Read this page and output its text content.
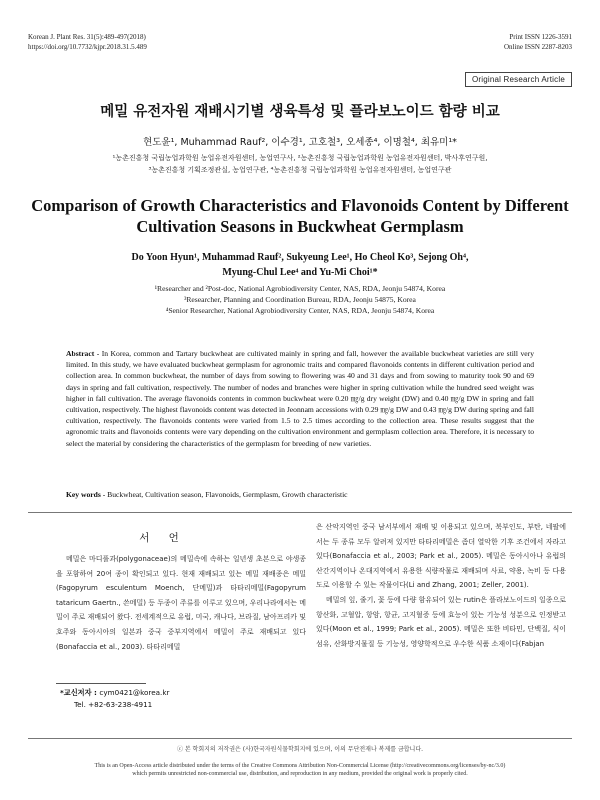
Korean J. Plant Res. 31(5):489-497(2018)
https://doi.org/10.7732/kjpr.2018.31.5.489
Print ISSN 1226-3591
Online ISSN 2287-8203
Original Research Article
메밀 유전자원 재배시기별 생육특성 및 플라보노이드 함량 비교
현도윤¹, Muhammad Rauf², 이수경¹, 고호철³, 오세종⁴, 이명철⁴, 최유미¹*
¹농촌진흥청 국립농업과학원 농업유전자원센터, 농업연구사, ²농촌진흥청 국립농업과학원 농업유전자원센터, 박사후연구원,
³농촌진흥청 기획조정관실, 농업연구관, ⁴농촌진흥청 국립농업과학원 농업유전자원센터, 농업연구관
Comparison of Growth Characteristics and Flavonoids Content by Different Cultivation Seasons in Buckwheat Germplasm
Do Yoon Hyun¹, Muhammad Rauf², Sukyeung Lee¹, Ho Cheol Ko³, Sejong Oh⁴,
Myung-Chul Lee⁴ and Yu-Mi Choi¹*
¹Researcher and ²Post-doc, National Agrobiodiversity Center, NAS, RDA, Jeonju 54874, Korea
³Researcher, Planning and Coordination Bureau, RDA, Jeonju 54875, Korea
⁴Senior Researcher, National Agrobiodiversity Center, NAS, RDA, Jeonju 54874, Korea
Abstract - In Korea, common and Tartary buckwheat are cultivated mainly in spring and fall, however the available buckwheat varieties are still very limited. In this study, we have evaluated buckwheat germplasm for agronomic traits and compared flavonoids contents in different cultivation period and collection area. In common buckwheat, the number of days from sowing to flowering was 40 and 31 days and from sowing to maturity took 90 and 69 days in spring and fall cultivation, respectively. The number of nodes and branches were higher in spring cultivation while the hundred seed weight was higher in fall cultivation. The average flavonoids contents in common buckwheat were 0.20 ㎎/g dry weight (DW) and 0.40 ㎎/g DW in spring and fall cultivation, respectively. The highest flavonoids content was detected in Jeonnam accessions with 0.29 ㎎/g DW and 0.43 ㎎/g DW during spring and fall cultivation, respectively. The flavonoids contents were varied from 1.5 to 2.5 times according to the collection area. These results suggest that the agronomic traits and flavonoids contents were vary depending on the cultivation environment and germplasm collection area. Therefore, it is necessary to select the material by considering the characteristics of the germplasm for breeding of new varieties.
Key words - Buckwheat, Cultivation season, Flavonoids, Germplasm, Growth characteristic
서 언

메밀은 마디풀과(polygonaceae)의 메밀속에 속하는 일년생 초본으로 야생종을 포함하여 20여 종이 확인되고 있다. 현재 재배되고 있는 메밀 재배종은 메밀(Fagopyrum esculentum Moench, 단메밀)과 타타리메밀(Fagopyrum tataricum Gaertn., 쓴메밀) 등 두종이 주류를 이루고 있으며, 우리나라에서는 메밀이 주로 재배되어 왔다. 전세계적으로 유럽, 미국, 캐나다, 브라질, 남아프리카 및 호주와 동아시아의 일본과 중국 중부지역에서 메밀이 주로 재배되고 있다(Bonafaccia et al., 2003). 타타리메밀

은 산악지역인 중국 남서부에서 재배 및 이용되고 있으며, 북부인도, 부탄, 네팔에서는 두 종류 모두 알려져 있지만 타타리메밀은 좀더 열악한 기후 조건에서 자라고 있다(Bonafaccia et al., 2003; Park et al., 2005). 메밀은 동아시아나 유럽의 산간지역이나 온대지역에서 유용한 식량작물로 재배되며 사료, 약용, 녹비 등 다용도로 이용할 수 있는 작물이다(Li and Zhang, 2001; Zeller, 2001).

메밀의 잎, 줄기, 꽃 등에 다량 함유되어 있는 rutin은 플라보노이드의 일종으로 항산화, 고혈압, 항암, 항균, 고지혈증 등에 효능이 있는 기능성 성분으로 인정받고 있다(Moon et al., 1999; Park et al., 2005). 메밀은 또한 비타민, 단백질, 식이섬유, 산화방지물질 등 기능성, 영양학적으로 우수한 식품 소재이다(Fabjan

*교신저자 : cym0421@korea.kr
Tel. +82-63-238-4911
ⓒ 본 학회지의 저작권은 (사)한국자원식물학회지에 있으며, 이의 무단전재나 복제를 금합니다.
This is an Open-Access article distributed under the terms of the Creative Commons Attribution Non-Commercial License (http://creativecommons.org/licenses/by-nc/3.0)
which permits unrestricted non-commercial use, distribution, and reproduction in any medium, provided the original work is properly cited.
